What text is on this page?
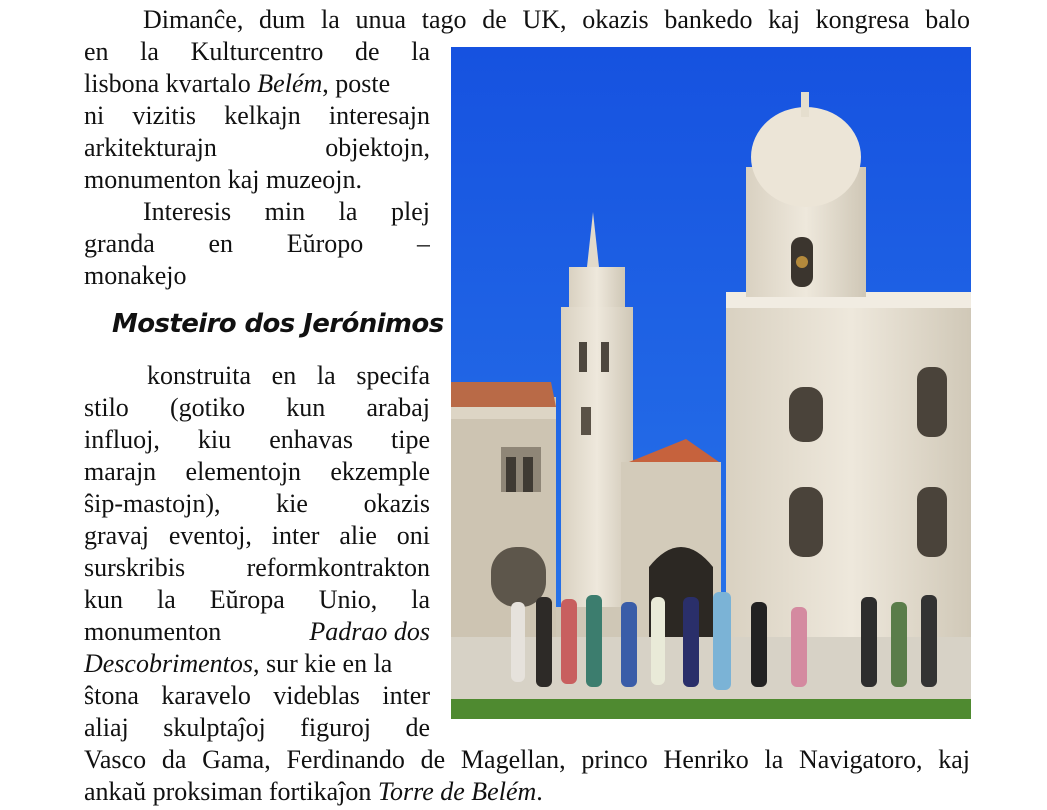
Dimanĉe, dum la unua tago de UK, okazis bankedo kaj kongresa balo
en la Kulturcentro de la
lisbona kvartalo Belém, poste
ni vizitis kelkajn interesajn
arkitekturajn objektojn,
monumenton kaj muzeojn.
Interesis min la plej
granda en Eŭropo –
monakejo
Mosteiro dos Jerónimos
konstruita en la specifa
stilo (gotiko kun arabaj
influoj, kiu enhavas tipe
marajn elementojn ekzemple
ŝip-mastojn), kie okazis
gravaj eventoj, inter alie oni
surskribis reformkontrakton
kun la Eŭropa Unio, la
monumenton	Padrao dos
Descobrimentos, sur kie en la
ŝtona karavelo videblas inter
aliaj skulptaĵoj figuroj de
Vasco da Gama, Ferdinando de Magellan, princo Henriko la Navigatoro, kaj
ankaŭ proksiman fortikaĵon Torre de Belém.
